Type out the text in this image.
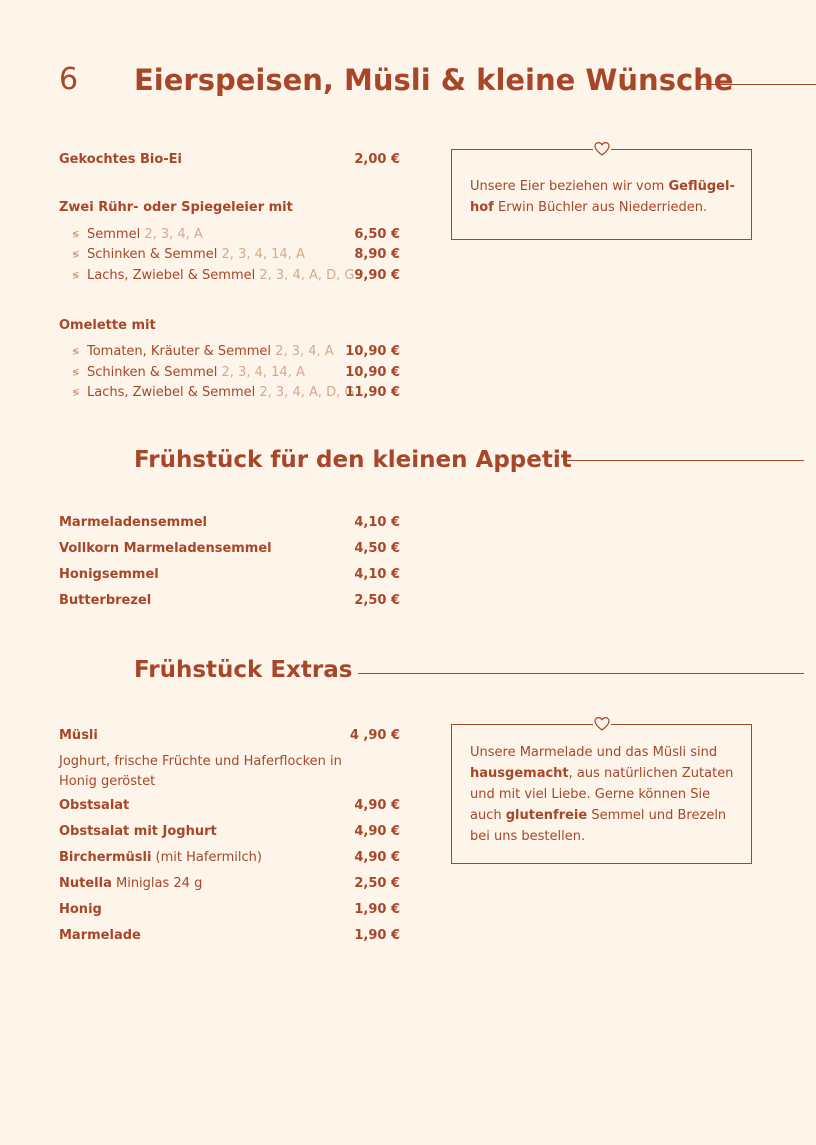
6 Eierspeisen, Müsli & kleine Wünsche
Gekochtes Bio-Ei	2,00 €
Zwei Rühr- oder Spiegeleier mit
≶ Semmel 2, 3, 4, A	6,50 €
≶ Schinken & Semmel 2, 3, 4, 14, A	8,90 €
≶ Lachs, Zwiebel & Semmel 2, 3, 4, A, D, G 9,90 €
Omelette mit
≶ Tomaten, Kräuter & Semmel 2, 3, 4, A 10,90 €
≶ Schinken & Semmel 2, 3, 4, 14, A	10,90 €
≶ Lachs, Zwiebel & Semmel 2, 3, 4, A, D, G
11,90 €
Unsere Eier beziehen wir vom Geflügel-hof Erwin Büchler aus Niederrieden.
Frühstück für den kleinen Appetit
Marmeladensemmel	4,10 €
Vollkorn Marmeladensemmel	4,50 €
Honigsemmel	4,10 €
Butterbrezel	2,50 €
Frühstück Extras
Müsli	4 ,90 €
Joghurt, frische Früchte und Haferflocken in Honig geröstet
Obstsalat	4,90 €
Obstsalat mit Joghurt	4,90 €
Birchermüsli (mit Hafermilch)	4,90 €
Nutella Miniglas 24 g	2,50 €
Honig	1,90 €
Marmelade	1,90 €
Unsere Marmelade und das Müsli sind hausgemacht, aus natürlichen Zutaten und mit viel Liebe. Gerne können Sie auch glutenfreie Semmel und Brezeln bei uns bestellen.
